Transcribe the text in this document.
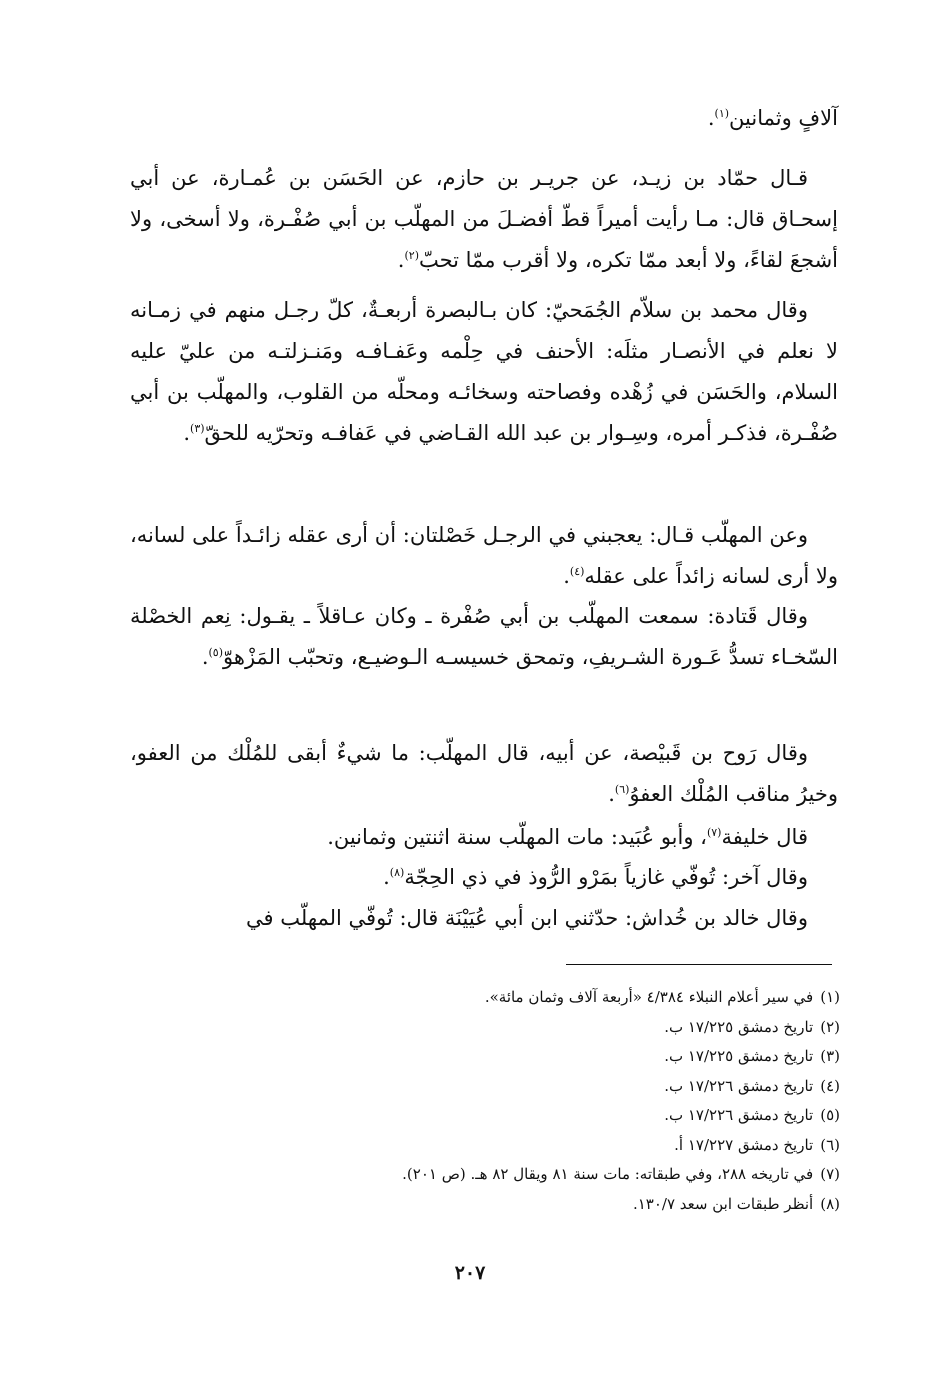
آلافٍ وثمانين$^{(١)}$.
قـال حمّاد بن زيـد، عن جريـر بن حازم، عن الحَسَن بن عُمـارة، عن أبي إسحـاق قال: مـا رأيت أميراً قطّ أفضـلَ من المهلّب بن أبي صُفْـرة، ولا أسخى، ولا أشجعَ لقاءً، ولا أبعد ممّا تكره، ولا أقرب ممّا تحبّ$^{(٢)}$.
وقال محمد بن سلاّم الجُمَحيّ: كان بـالبصرة أربعـةٌ، كلّ رجـل منهم في زمـانه لا نعلم في الأنصـار مثلَه: الأحنف في حِلْمه وعَفـافـه ومَنـزلتـه من عليّ عليه السلام، والحَسَن في زُهْده وفصاحته وسخائـه ومحلّه من القلوب، والمهلّب بن أبي صُفْـرة، فذكـر أمره، وسِـوار بن عبد الله القـاضي في عَفافـه وتحرّيه للحقّ$^{(٣)}$.
وعن المهلّب قـال: يعجبني في الرجـل خَصْلتان: أن أرى عقله زائـداً على لسانه، ولا أرى لسانه زائداً على عقله$^{(٤)}$.
وقال قَتادة: سمعت المهلّب بن أبي صُفْرة ـ وكان عـاقلاً ـ يقـول: نِعم الخصْلة السّخـاء تسدُّ عَـورة الشـريفِ، وتمحق خسيسـه الـوضيـع، وتحبّب المَزْهوّ$^{(٥)}$.
وقال رَوح بن قَبيْصة، عن أبيه، قال المهلّب: ما شيءٌ أبقى للمُلْك من العفو، وخيرُ مناقب المُلْك العفوُ$^{(٦)}$.
قال خليفة$^{(٧)}$، وأبو عُبَيد: مات المهلّب سنة اثنتين وثمانين.
وقال آخر: تُوفّي غازياً بمَرْو الرُّوذ في ذي الحِجّة$^{(٨)}$.
وقال خالد بن خُداش: حدّثني ابن أبي عُيَيْنَة قال: تُوفّي المهلّب في
(١) في سير أعلام النبلاء ٤/٣٨٤ «أربعة آلاف وثمان مائة».
(٢) تاريخ دمشق ١٧/٢٢٥ ب.
(٣) تاريخ دمشق ١٧/٢٢٥ ب.
(٤) تاريخ دمشق ١٧/٢٢٦ ب.
(٥) تاريخ دمشق ١٧/٢٢٦ ب.
(٦) تاريخ دمشق ١٧/٢٢٧ أ.
(٧) في تاريخه ٢٨٨، وفي طبقاته: مات سنة ٨١ ويقال ٨٢ هـ. (ص ٢٠١).
(٨) أنظر طبقات ابن سعد ١٣٠/٧.
٢٠٧
